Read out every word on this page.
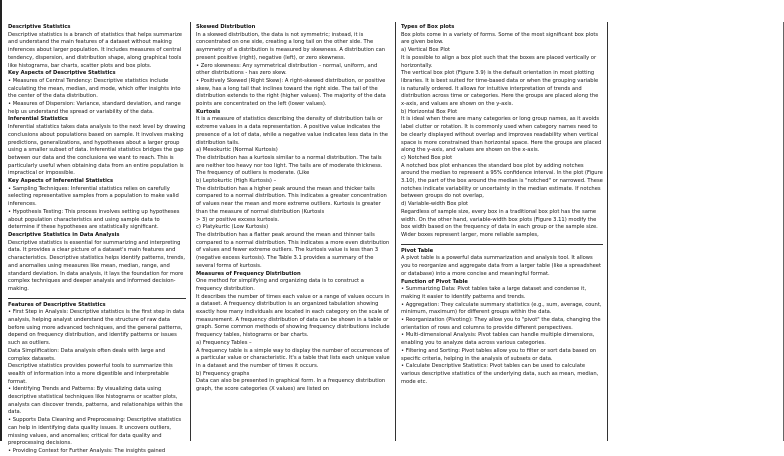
Descriptive Statistics

Descriptive statistics is a branch of statistics that helps summarize and understand the main features of a dataset without making inferences about larger population. It includes measures of central tendency, dispersion, and distribution shape, along graphical tools like histograms, bar charts, scatter plots and box plots.

Key Aspects of Descriptive Statistics

• Measures of Central Tendency: Descriptive statistics include calculating the mean, median, and mode, which offer insights into the center of the data distribution.

• Measures of Dispersion: Variance, standard deviation, and range help us understand the spread or variability of the data.

Inferential Statistics

Inferential statistics takes data analysis to the next level by drawing conclusions about populations based on sample. It involves making predictions, generalizations, and hypotheses about a larger group using a smaller subset of data. Inferential statistics bridges the gap between our data and the conclusions we want to reach. This is particularly useful when obtaining data from an entire population is impractical or impossible.

Key Aspects of Inferential Statistics

• Sampling Techniques: Inferential statistics relies on carefully selecting representative samples from a population to make valid inferences.

• Hypothesis Testing: This process involves setting up hypotheses about population characteristics and using sample data to determine if these hypotheses are statistically significant.

Descriptive Statistics in Data Analysis

Descriptive statistics is essential for summarizing and interpreting data. It provides a clear picture of a dataset's main features and characteristics. Descriptive statistics helps identify patterns, trends, and anomalies using measures like mean, median, range, and standard deviation. In data analysis, it lays the foundation for more complex techniques and deeper analysis and informed decision-making.

Features of Descriptive Statistics

• First Step in Analysis: Descriptive statistics is the first step in data analysis, helping analyst understand the structure of raw data before using more advanced techniques, and the general patterns, depend on frequency distribution, and identify patterns or issues such as outliers.

Data Simplification: Data analysis often deals with large and complex datasets.

Descriptive statistics provides powerful tools to summarize this wealth of information into a more digestible and interpretable format.

• Identifying Trends and Patterns: By visualizing data using descriptive statistical techniques like histograms or scatter plots, analysts can discover trends, patterns, and relationships within the data.

• Supports Data Cleaning and Preprocessing: Descriptive statistics can help in identifying data quality issues. It uncovers outliers, missing values, and anomalies; critical for data quality and preprocessing decisions.

• Providing Context for Further Analysis: The insights gained

Skewed Distribution

In a skewed distribution, the data is not symmetric; instead, it is concentrated on one side, creating a long tail on the other side. The asymmetry of a distribution is measured by skewness. A distribution can present positive (right), negative (left), or zero skewness.

• Zero skewness: Any symmetrical distribution - normal, uniform, and other distributions - has zero skew.

• Positively Skewed (Right Skew): A right-skewed distribution, or positive skew, has a long tail that inclines toward the right side. The tail of the distribution extends to the right (higher values). The majority of the data points are concentrated on the left (lower values).

Kurtosis

It is a measure of statistics describing the density of distribution tails or extreme values in a data representation. A positive value indicates the presence of a lot of data, while a negative value indicates less data in the distribution tails.

a) Mesokurtic (Normal Kurtosis)

The distribution has a kurtosis similar to a normal distribution. The tails are neither too heavy nor too light. The tails are of moderate thickness. The frequency of outliers is moderate. (Like

b) Leptokurtic (High Kurtosis) –

The distribution has a higher peak around the mean and thicker tails compared to a normal distribution. This indicates a greater concentration of values near the mean and more extreme outliers. Kurtosis is greater than the measure of normal distribution (Kurtosis

> 3) or positive excess kurtosis.

c) Platykurtic (Low Kurtosis)

The distribution has a flatter peak around the mean and thinner tails compared to a normal distribution. This indicates a more even distribution of values and fewer extreme outliers. The kurtosis value is less than 3 (negative excess kurtosis). The Table 3.1 provides a summary of the several forms of kurtosis.

Measures of Frequency Distribution

One method for simplifying and organizing data is to construct a frequency distribution.

It describes the number of times each value or a range of values occurs in a dataset. A frequency distribution is an organized tabulation showing exactly how many individuals are located in each category on the scale of measurement. A frequency distribution of data can be shown in a table or graph. Some common methods of showing frequency distributions include frequency tables, histograms or bar charts.

a) Frequency Tables –

A frequency table is a simple way to display the number of occurrences of a particular value or characteristic. It's a table that lists each unique value in a dataset and the number of times it occurs.

b) Frequency graphs

Data can also be presented in graphical form. In a frequency distribution graph, the score categories (X values) are listed on

Types of Box plots

Box plots come in a variety of forms. Some of the most significant box plots are given below.

a) Vertical Box Plot

It is possible to align a box plot such that the boxes are placed vertically or horizontally.

The vertical box plot (Figure 3.9) is the default orientation in most plotting libraries. It is best suited for time-based data or when the grouping variable is naturally ordered. It allows for intuitive interpretation of trends and distribution across time or categories. Here the groups are placed along the x-axis, and values are shown on the y-axis.

b) Horizontal Box Plot

It is ideal when there are many categories or long group names, as it avoids label clutter or rotation. It is commonly used when category names need to be clearly displayed without overlap and improves readability when vertical space is more constrained than horizontal space. Here the groups are placed along the y-axis, and values are shown on the x-axis.

c) Notched Box plot

A notched box plot enhances the standard box plot by adding notches around the median to represent a 95% confidence interval. In the plot (Figure 3.10), the part of the box around the median is "notched" or narrowed. These notches indicate variability or uncertainty in the median estimate. If notches between groups do not overlap,

d) Variable-width Box plot

Regardless of sample size, every box in a traditional box plot has the same width. On the other hand, variable-width box plots (Figure 3.11) modify the box width based on the frequency of data in each group or the sample size. Wider boxes represent larger, more reliable samples,

Pivot Table

A pivot table is a powerful data summarization and analysis tool. It allows you to reorganize and aggregate data from a larger table (like a spreadsheet or database) into a more concise and meaningful format.

Function of Pivot Table

• Summarizing Data: Pivot tables take a large dataset and condense it, making it easier to identify patterns and trends.

• Aggregation: They calculate summary statistics (e.g., sum, average, count, minimum, maximum) for different groups within the data.

• Reorganization (Pivoting): They allow you to "pivot" the data, changing the orientation of rows and columns to provide different perspectives.

• Multi-dimensional Analysis: Pivot tables can handle multiple dimensions, enabling you to analyze data across various categories.

• Filtering and Sorting: Pivot tables allow you to filter or sort data based on specific criteria, helping in the analysis of subsets or data.

• Calculate Descriptive Statistics: Pivot tables can be used to calculate various descriptive statistics of the underlying data, such as mean, median, mode etc.
